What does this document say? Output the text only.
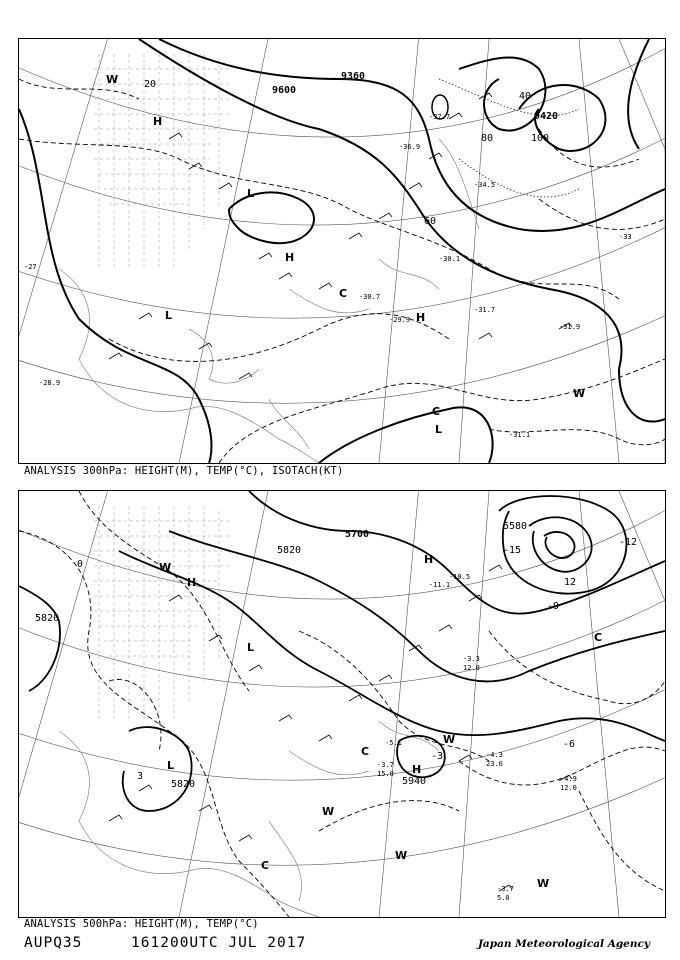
9360
9600
9420
20
40
60
80	100
H
L
H
H
L
C
C
L
W
W
-27
-28.9
-29.9
-30.1
-30.7
-31.1
-31.7
-31.9
-33
-37.7
-36.9
-34.5
ANALYSIS 300hPa: HEIGHT(M), TEMP(°C), ISOTACH(KT)
5700
5820
5820
5820	5940
5580
-3
3
0
-6
-9
-12
-15
12
H
L
H
H
L
C
C
C
W
W
W
W
W
-4.9
12.0
-3.7
5.0
-3.7
15.0
-4.3
23.0
-5.1
-3.3
12.0
-10.5
-11.1
ANALYSIS 500hPa: HEIGHT(M), TEMP(°C)
AUPQ35	161200UTC JUL 2017	Japan Meteorological Agency
